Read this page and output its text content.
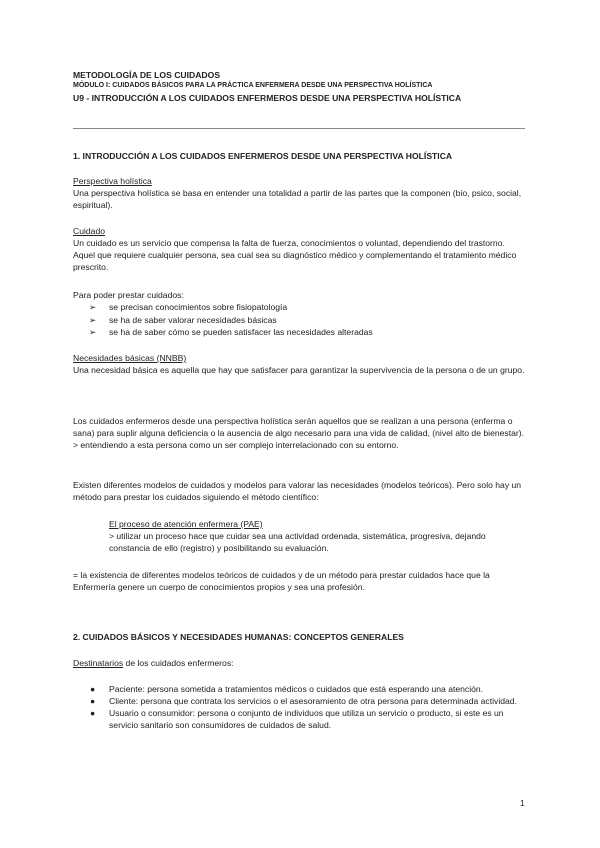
METODOLOGÍA DE LOS CUIDADOS
MÓDULO I: CUIDADOS BÁSICOS PARA LA PRÁCTICA ENFERMERA DESDE UNA PERSPECTIVA HOLÍSTICA
U9 - INTRODUCCIÓN A LOS CUIDADOS ENFERMEROS DESDE UNA PERSPECTIVA HOLÍSTICA
1. INTRODUCCIÓN A LOS CUIDADOS ENFERMEROS DESDE UNA PERSPECTIVA HOLÍSTICA

Perspectiva holística

Una perspectiva holística se basa en entender una totalidad a partir de las partes que la componen (bio, psico, social, espiritual).

Cuidado

Un cuidado es un servicio que compensa la falta de fuerza, conocimientos o voluntad, dependiendo del trastorno. Aquel que requiere cualquier persona, sea cual sea su diagnóstico médico y complementando el tratamiento médico prescrito.

Para poder prestar cuidados:

➢ se precisan conocimientos sobre fisiopatología
➢ se ha de saber valorar necesidades básicas
➢ se ha de saber cómo se pueden satisfacer las necesidades alteradas

Necesidades básicas (NNBB)

Una necesidad básica es aquella que hay que satisfacer para garantizar la supervivencia de la persona o de un grupo.

Los cuidados enfermeros desde una perspectiva holística serán aquellos que se realizan a una persona (enferma o sana) para suplir alguna deficiencia o la ausencia de algo necesario para una vida de calidad, (nivel alto de bienestar).

> entendiendo a esta persona como un ser complejo interrelacionado con su entorno.

Existen diferentes modelos de cuidados y modelos para valorar las necesidades (modelos teóricos). Pero solo hay un método para prestar los cuidados siguiendo el método científico:

El proceso de atención enfermera (PAE)

> utilizar un proceso hace que cuidar sea una actividad ordenada, sistemática, progresiva, dejando constancia de ello (registro) y posibilitando su evaluación.

= la existencia de diferentes modelos teóricos de cuidados y de un método para prestar cuidados hace que la Enfermería genere un cuerpo de conocimientos propios y sea una profesión.

2. CUIDADOS BÁSICOS Y NECESIDADES HUMANAS: CONCEPTOS GENERALES

Destinatarios de los cuidados enfermeros:

● Paciente: persona sometida a tratamientos médicos o cuidados que está esperando una atención.
● Cliente: persona que contrata los servicios o el asesoramiento de otra persona para determinada actividad.
● Usuario o consumidor: persona o conjunto de individuos que utiliza un servicio o producto, si este es un servicio sanitario son consumidores de cuidados de salud.
1
